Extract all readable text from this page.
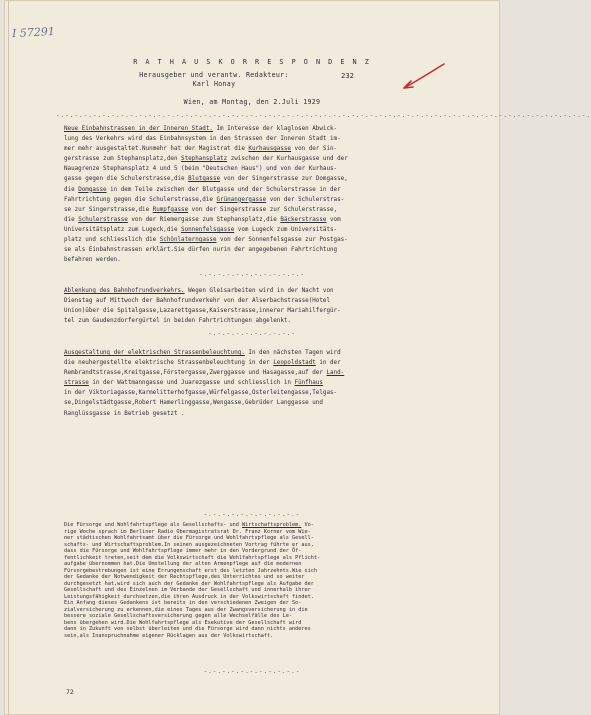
I 57291
R A T H A U S K O R R E S P O N D E N Z
Herausgeber und verantw. Redakteur:
Karl Honay
232
Wien, am Montag, den 2.Juli 1929
-.-.-.-.-.-.-.-.-.-.-.-.-.-.-.-.-.-.-.-.-.-.-.-.-.-.-.-.-.-.-.-.-.-.-.-.-.-.-.-.-.-.-.-.-.-.-.-.-.-.-.-.-.-.-.-.-.-.
Neue Einbahnstrassen in der Inneren Stadt. Im Interesse der klaglosen Abwick-
lung des Verkehrs wird das Einbahnsystem in den Strassen der Inneren Stadt im-
mer mehr ausgestaltet.Nunmehr hat der Magistrat die Kurhausgasse von der Sin-
gerstrasse zum Stephansplatz,den Stephansplatz zwischen der Kurhausgasse und der
Nauagrenze Stephansplatz 4 und 5 (beim "Deutschen Haus") und von der Kurhaus-
gasse gegen die Schulerstrasse,die Blutgasse von der Singerstrasse zur Domgasse,
die Domgasse in dem Teile zwischen der Blutgasse und der Schulerstrasse in der
Fahrtrichtung gegen die Schulerstrasse,die Grünangergasse von der Schulerstras-
se zur Singerstrasse,die Rumpfgasse von der Singerstrasse zur Schulerstrasse,
die Schulerstrasse von der Riemergasse zum Stephansplatz,die Bäckerstrasse vom
Universitätsplatz zum Lugeck,die Sonnenfelsgasse vom Lugeck zum Universitäts-
platz und schliesslich die Schönlaterngasse von der Sonnenfelsgasse zur Postgas-
se als Einbahnstrassen erklärt.Sie dürfen nurin der angegebenen Fahrtrichtung
befahren werden.
-.-.-.-.-.-.-.-.-.-.-.-
Ablenkung des Bahnhofrundverkehrs. Wegen Gleisarbeiten wird in der Nacht von
Dienstag auf Mittwoch der Bahnhofrundverkehr von der Alserbachstrasse(Hotel
Union)über die Spitalgasse,Lazarettgasse,Kaiserstrasse,innerer Mariahilfergür-
tel zum Gaudenzdorfergürtel in beiden Fahrtrichtungen abgelenkt.
-.-.-.-.-.-.-.-.-.-
Ausgestaltung der elektrischen Strassenbeleuchtung. In den nächsten Tagen wird
die neuhergestellte elektrische Strassenbeleuchtung in der Leopoldstadt in der
Rembrandtstrasse,Kreitgasse,Förstergasse,Zwerggasse und Hasagasse,auf der Land-
strasse in der Wattmanngasse und Juarezgasse und schliesslich in Fünfhaus
in der Viktoriagasse,Karmelitterhofgasse,Würfelgasse,Osterleitengasse,Telgas-
se,Dingelstädtgasse,Robert Hamerlinggasse,Wengasse,Gebrüder Langgasse und
Ranglüssgasse in Betrieb gesetzt .
-.-.-.-.-.-.-.-.-.-.-
Die Fürsorge und Wohlfahrtspflege als Gesellschafts- und Wirtschaftsproblem. Vo-
rige Woche sprach im Berliner Radio Obermagistratsrat Dr. Franz Korner vom Wie-
ner städtischen Wohlfahrtsamt über die Fürsorge und Wohlfahrtspflege als Gesell-
schafts- und Wirtschaftsproblem.In seinen ausgezeichneten Vortrag führte er aus,
dass die Fürsorge und Wohlfahrtspflege immer mehr in den Vordergrund der Öf-
fentlichkeit treten,seit dem die Volkswirtschaft die Wohlfahrtspflege als Pflicht-
aufgabe übernommen hat.Die Umstellung der alten Armenpflege auf die modernen
Fürsorgebestrebungen ist eine Errungenschaft erst des letzten Jahrzehnts.Wie sich
der Gedanke der Notwendigkeit der Rechtspflege,des Unterrichtes und so weiter
durchgesetzt hat,wird sich auch der Gedanke der Wohlfahrtspflege als Aufgabe der
Gesellschaft und des Einzelnen im Verbande der Gesellschaft und innerhalb ihrer
Leistungsfähigkeit durchsetzen,die ihren Ausdruck in der Volkswirtschaft findet.
Ein Anfang dieses Gedankens ist bereits in den verschiedenen Zweigen der So-
zialversicherung zu erkennen,die eines Tages aus der Zwangsversicherung in die
bessere soziale Gesellschaftsversicherung gegen alle Wechselfälle des Le-
bens übergehen wird.Die Wohlfahrtspflege als Exekutive der Gesellschaft wird
dann in Zukunft von selbst überleiten und die Fürsorge wird dann nichts anderes
sein,als Inanspruchnahme eigener Rücklagen aus der Volkswirtschaft.
-.-.-.-.-.-.-.-.-.-.-
72
